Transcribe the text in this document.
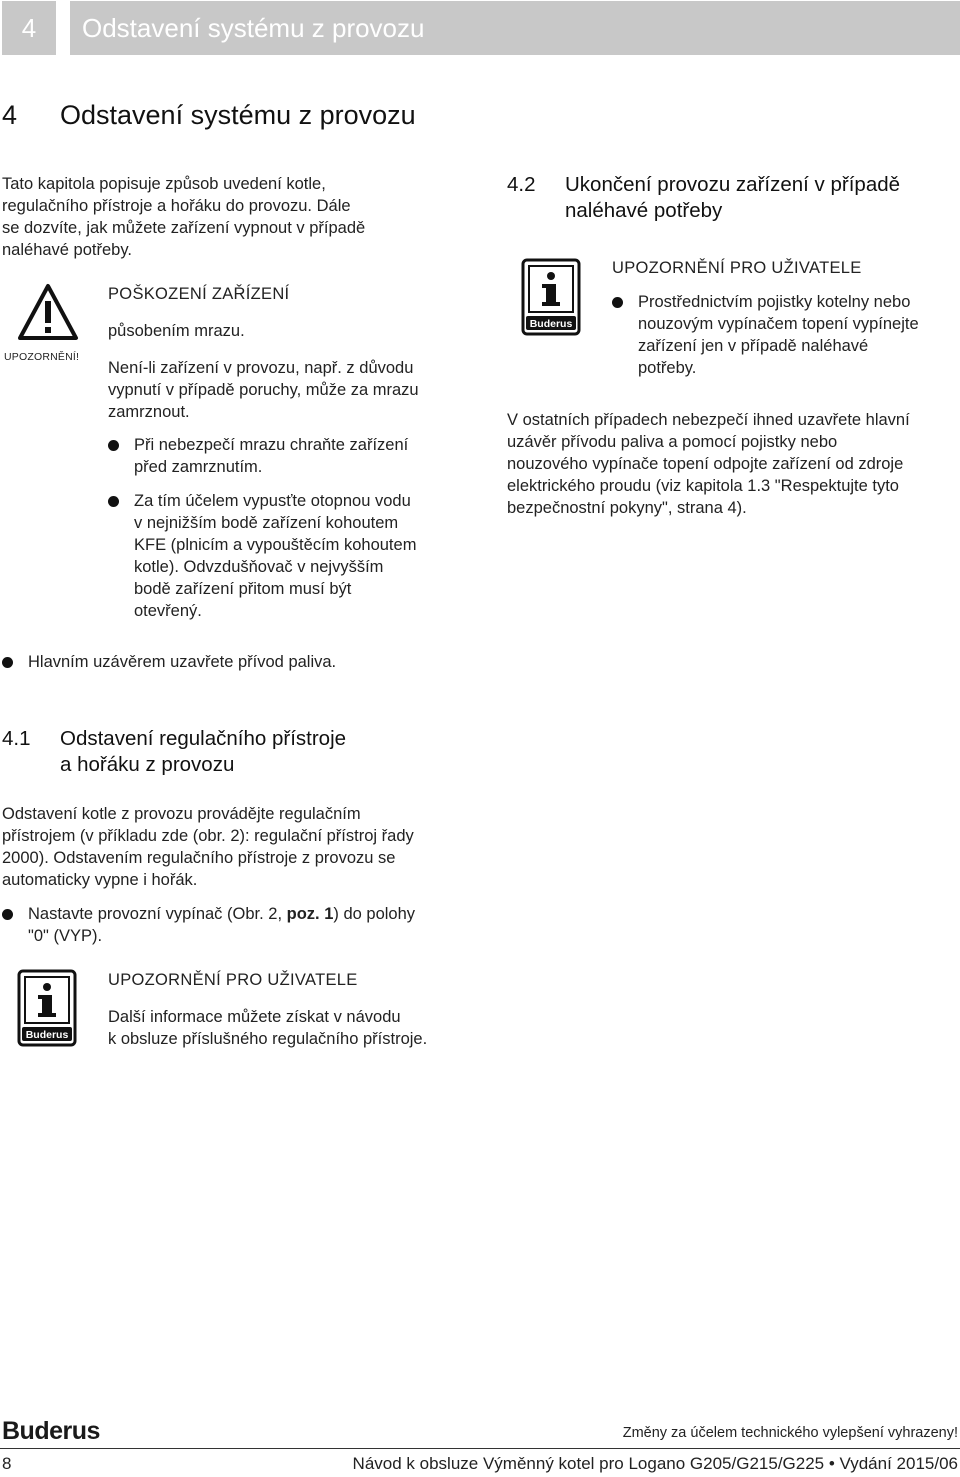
4	Odstavení systému z provozu
4 Odstavení systému z provozu
Tato kapitola popisuje způsob uvedení kotle,
regulačního přístroje a hořáku do provozu. Dále
se dozvíte, jak můžete zařízení vypnout v případě
naléhavé potřeby.
UPOZORNĚNÍ!
POŠKOZENÍ ZAŘÍZENÍ
působením mrazu.
Není-li zařízení v provozu, např. z důvodu
vypnutí v případě poruchy, může za mrazu
zamrznout.
Při nebezpečí mrazu chraňte zařízení
před zamrznutím.
Za tím účelem vypusťte otopnou vodu
v nejnižším bodě zařízení kohoutem
KFE (plnicím a vypouštěcím kohoutem
kotle). Odvzdušňovač v nejvyšším
bodě zařízení přitom musí být
otevřený.
Hlavním uzávěrem uzavřete přívod paliva.
4.1 Odstavení regulačního přístroje
a hořáku z provozu
Odstavení kotle z provozu provádějte regulačním
přístrojem (v příkladu zde (obr. 2): regulační přístroj řady
2000). Odstavením regulačního přístroje z provozu se
automaticky vypne i hořák.
Nastavte provozní vypínač (Obr. 2, poz. 1) do polohy
"0" (VYP).
Buderus
UPOZORNĚNÍ PRO UŽIVATELE
Další informace můžete získat v návodu
k obsluze příslušného regulačního přístroje.
4.2 Ukončení provozu zařízení v případě
naléhavé potřeby
Buderus
UPOZORNĚNÍ PRO UŽIVATELE
Prostřednictvím pojistky kotelny nebo
nouzovým vypínačem topení vypínejte
zařízení jen v případě naléhavé
potřeby.
V ostatních případech nebezpečí ihned uzavřete hlavní
uzávěr přívodu paliva a pomocí pojistky nebo
nouzového vypínače topení odpojte zařízení od zdroje
elektrického proudu (viz kapitola 1.3 "Respektujte tyto
bezpečnostní pokyny", strana 4).
Buderus	Změny za účelem technického vylepšení vyhrazeny!
8	Návod k obsluze Výměnný kotel pro Logano G205/G215/G225 • Vydání 2015/06
